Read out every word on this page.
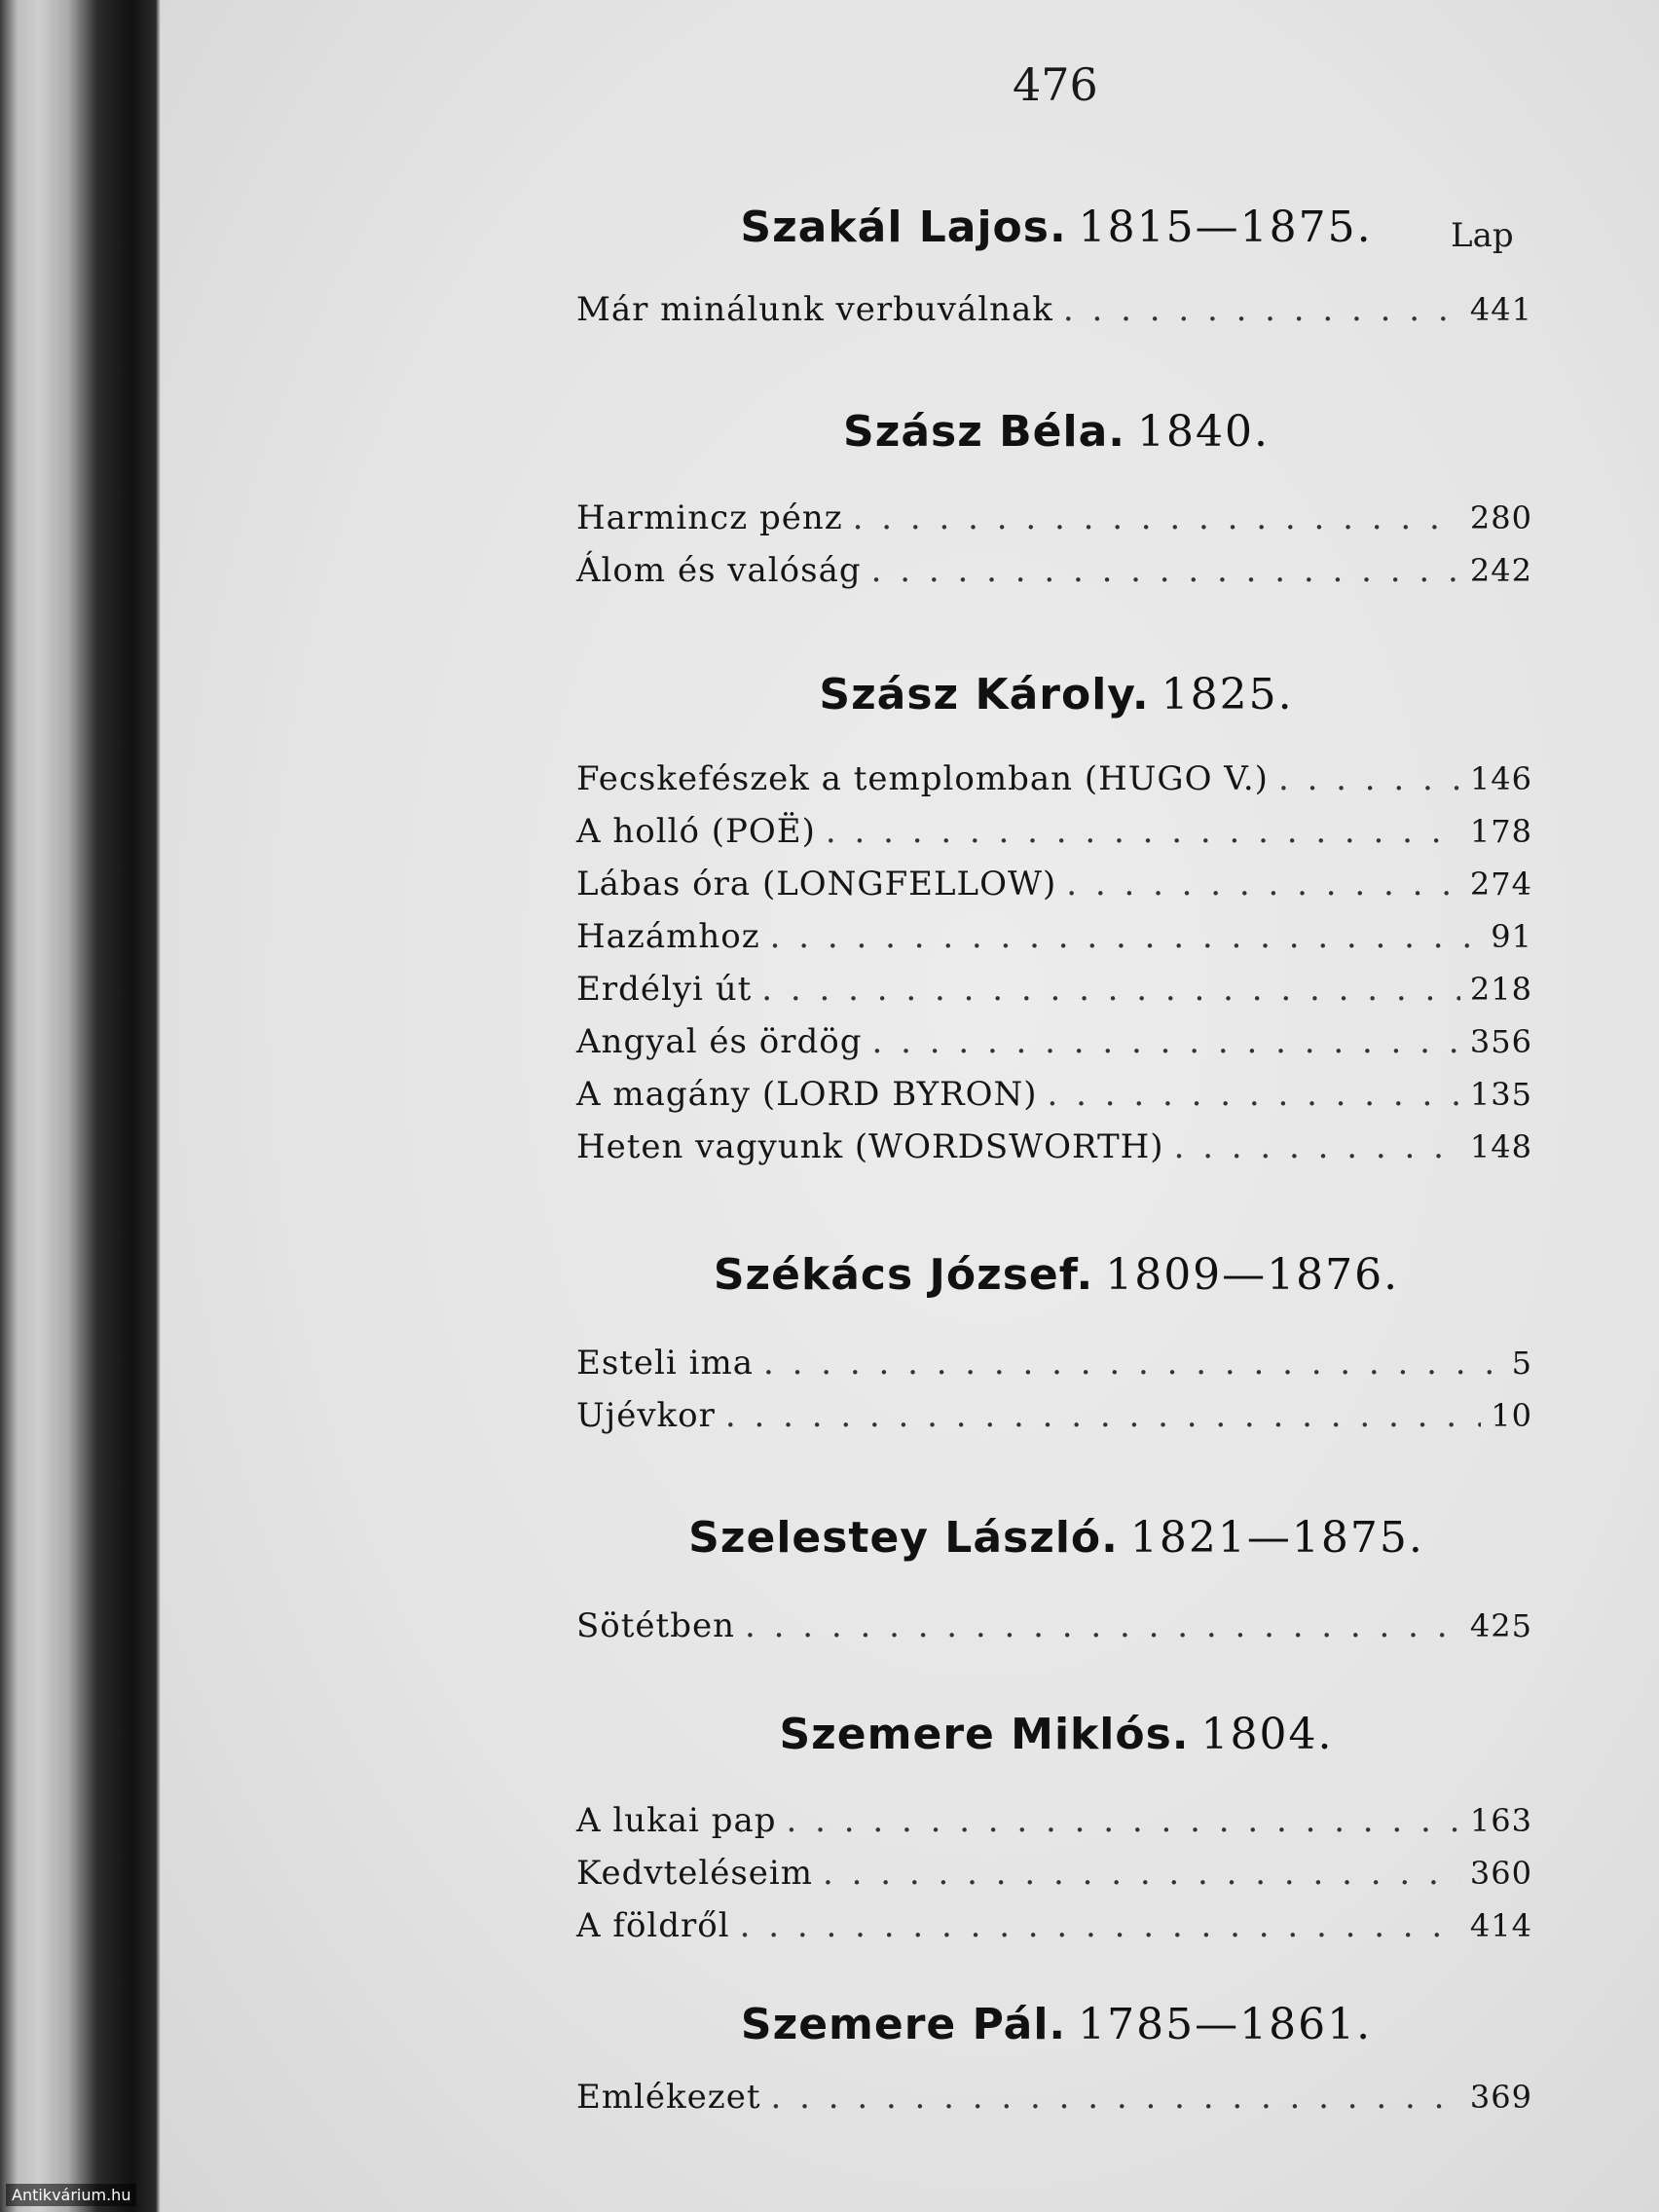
476
Lap
Szakál Lajos. 1815—1875.
Már minálunk verbuválnak . . .	441
Szász Béla. 1840.
Harmincz pénz . . .	280
Álom és valóság . . .	242
Szász Károly. 1825.
Fecskefészek a templomban (HUGO V.) . . .	146
A holló (POË) . . .	178
Lábas óra (LONGFELLOW) . . .	274
Hazámhoz . . .	91
Erdélyi út . . .	218
Angyal és ördög . . .	356
A magány (LORD BYRON) . . .	135
Heten vagyunk (WORDSWORTH) . . .	148
Székács József. 1809—1876.
Esteli ima . . .	5
Ujévkor . . .	10
Szelestey László. 1821—1875.
Sötétben . . .	425
Szemere Miklós. 1804.
A lukai pap . . .	163
Kedvteléseim . . .	360
A földről . . .	414
Szemere Pál. 1785—1861.
Emlékezet . . .	369
Antikvárium.hu
